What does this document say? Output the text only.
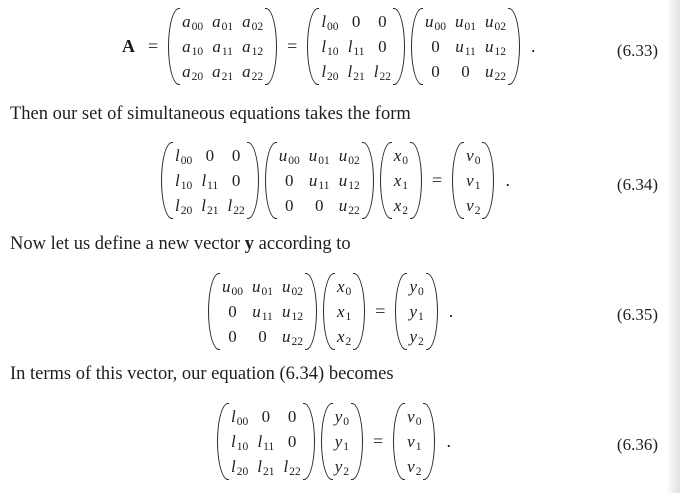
A =
$a_{00}$ $a_{01}$ $a_{02}$
$a_{10}$ $a_{11}$ $a_{12}$
$a_{20}$ $a_{21}$ $a_{22}$
=
$l_{00}$ 0 0
$l_{10}$ $l_{11}$ 0
$l_{20}$ $l_{21}$ $l_{22}$
$u_{00}$ $u_{01}$ $u_{02}$
0 $u_{11}$ $u_{12}$
0	0 $u_{22}$
.	(6.33)
Then our set of simultaneous equations takes the form
$l_{00}$ 0 0
$l_{10}$ $l_{11}$ 0
$l_{20}$ $l_{21}$ $l_{22}$
$u_{00}$ $u_{01}$ $u_{02}$
0 $u_{11}$ $u_{12}$
0	0 $u_{22}$
$x_0$
$x_1$
$x_2$
=
$v_0$
$v_1$
$v_2$
.	(6.34)
Now let us define a new vector y according to
$u_{00}$ $u_{01}$ $u_{02}$
0 $u_{11}$ $u_{12}$
0	0 $u_{22}$
$x_0$
$x_1$
$x_2$
=
$y_0$
$y_1$
$y_2$
.	(6.35)
In terms of this vector, our equation (6.34) becomes
$l_{00}$ 0 0
$l_{10}$ $l_{11}$ 0
$l_{20}$ $l_{21}$ $l_{22}$
$y_0$
$y_1$
$y_2$
=
$v_0$
$v_1$
$v_2$
.	(6.36)
